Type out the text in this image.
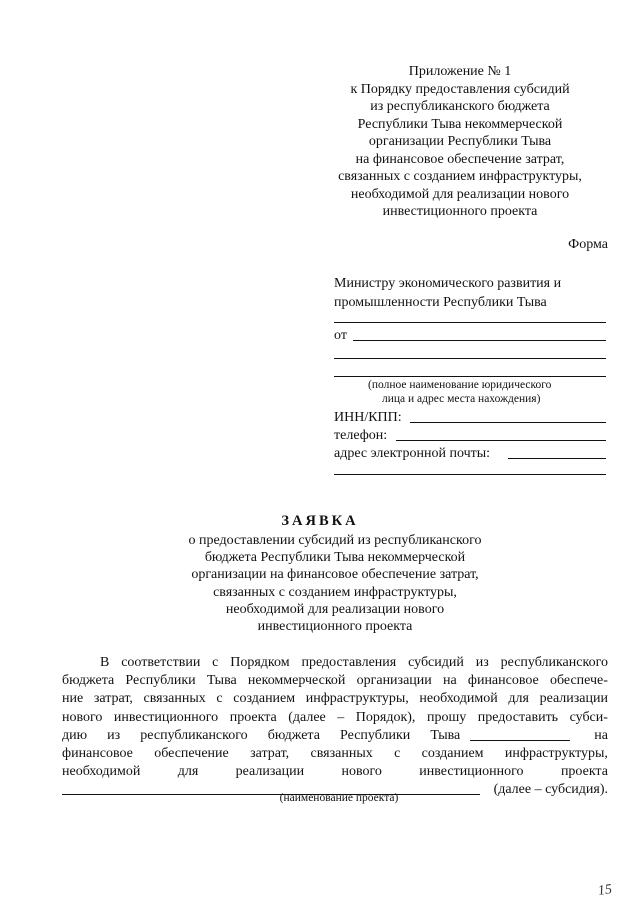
Приложение № 1
к Порядку предоставления субсидий
из республиканского бюджета
Республики Тыва некоммерческой
организации Республики Тыва
на финансовое обеспечение затрат,
связанных с созданием инфраструктуры,
необходимой для реализации нового
инвестиционного проекта
Форма
Министру экономического развития и
промышленности Республики Тыва
от
(полное наименование юридического
лица и адрес места нахождения)
ИНН/КПП:
телефон:
адрес электронной почты:
ЗАЯВКА
о предоставлении субсидий из республиканского
бюджета Республики Тыва некоммерческой
организации на финансовое обеспечение затрат,
связанных с созданием инфраструктуры,
необходимой для реализации нового
инвестиционного проекта
В соответствии с Порядком предоставления субсидий из республиканского
бюджета Республики Тыва некоммерческой организации на финансовое обеспече-
ние затрат, связанных с созданием инфраструктуры, необходимой для реализации
нового инвестиционного проекта (далее – Порядок), прошу предоставить субси-
дию из республиканского бюджета Республики Тыва	на
финансовое обеспечение затрат, связанных с созданием инфраструктуры,
необходимой	для	реализации	нового	инвестиционного	проекта
(далее – субсидия).
(наименование проекта)
15
